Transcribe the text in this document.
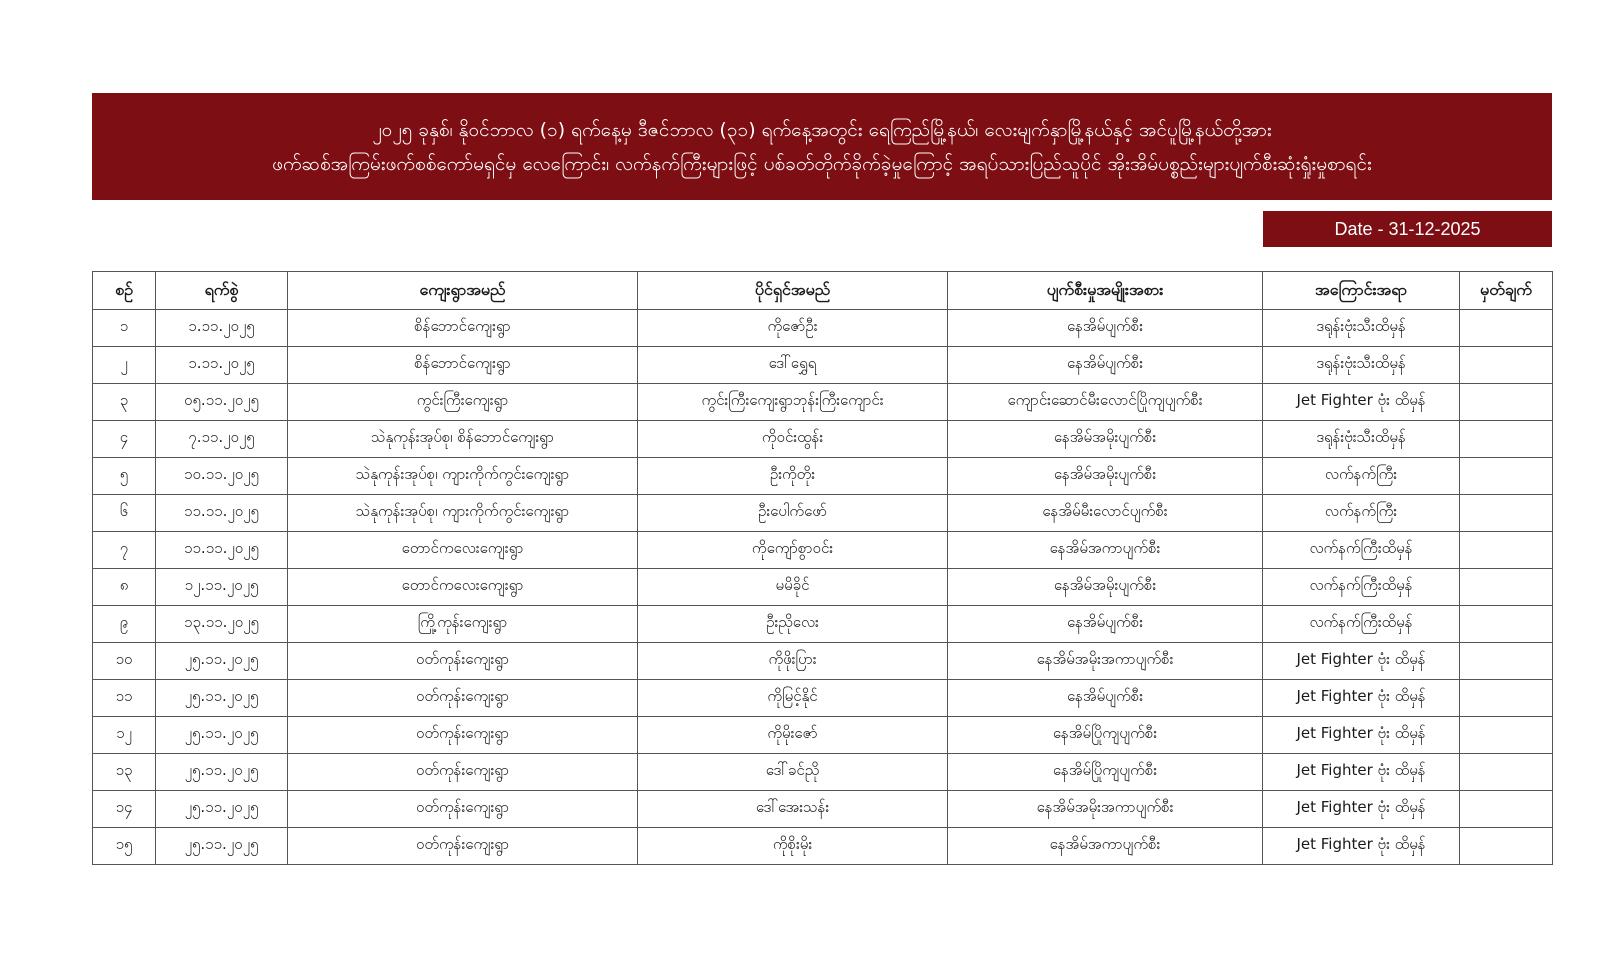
၂၀၂၅ ခုနှစ်၊ နိုဝင်ဘာလ (၁) ရက်နေ့မှ ဒီဇင်ဘာလ (၃၁) ရက်နေ့အတွင်း ရေကြည်မြို့နယ်၊ လေးမျက်နှာမြို့နယ်နှင့် အင်ပူမြို့နယ်တို့အား
ဖက်ဆစ်အကြမ်းဖက်စစ်ကော်မရှင်မှ လေကြောင်း၊ လက်နက်ကြီးများဖြင့် ပစ်ခတ်တိုက်ခိုက်ခဲ့မှုကြောင့် အရပ်သားပြည်သူပိုင် အိုးအိမ်ပစ္စည်းများပျက်စီးဆုံးရှုံးမှုစာရင်း
Date - 31-12-2025
စဉ်	ရက်စွဲ	ကျေးရွာအမည်	ပိုင်ရှင်အမည်	ပျက်စီးမှုအမျိုးအစား	အကြောင်းအရာ	မှတ်ချက်
၁	၁.၁၁.၂၀၂၅	စိန်ဘောင်ကျေးရွာ	ကိုဇော်ဦး	နေအိမ်ပျက်စီး	ဒရုန်းဗုံးသီးထိမှန်	
၂	၁.၁၁.၂၀၂၅	စိန်ဘောင်ကျေးရွာ	ဒေါ်ရွှေရ	နေအိမ်ပျက်စီး	ဒရုန်းဗုံးသီးထိမှန်	
၃	၀၅.၁၁.၂၀၂၅	ကွင်းကြီးကျေးရွာ	ကွင်းကြီးကျေးရွာဘုန်းကြီးကျောင်း	ကျောင်းဆောင်မီးလောင်ပြိုကျပျက်စီး	Jet Fighter ဗုံး ထိမှန်	
၄	၇.၁၁.၂၀၂၅	သဲနုကုန်းအုပ်စု၊ စိန်ဘောင်ကျေးရွာ	ကိုဝင်းထွန်း	နေအိမ်အမိုးပျက်စီး	ဒရုန်းဗုံးသီးထိမှန်	
၅	၁၀.၁၁.၂၀၂၅	သဲနုကုန်းအုပ်စု၊ ကျားကိုက်ကွင်းကျေးရွာ	ဦးကိုတိုး	နေအိမ်အမိုးပျက်စီး	လက်နက်ကြီး	
၆	၁၁.၁၁.၂၀၂၅	သဲနုကုန်းအုပ်စု၊ ကျားကိုက်ကွင်းကျေးရွာ	ဦးပေါက်ဖော်	နေအိမ်မီးလောင်ပျက်စီး	လက်နက်ကြီး	
၇	၁၁.၁၁.၂၀၂၅	တောင်ကလေးကျေးရွာ	ကိုကျော်စွာဝင်း	နေအိမ်အကာပျက်စီး	လက်နက်ကြီးထိမှန်	
၈	၁၂.၁၁.၂၀၂၅	တောင်ကလေးကျေးရွာ	မမိခိုင်	နေအိမ်အမိုးပျက်စီး	လက်နက်ကြီးထိမှန်	
၉	၁၃.၁၁.၂၀၂၅	ကြို့ကုန်းကျေးရွာ	ဦးညိုလေး	နေအိမ်ပျက်စီး	လက်နက်ကြီးထိမှန်	
၁၀	၂၅.၁၁.၂၀၂၅	ဝတ်ကုန်းကျေးရွာ	ကိုဖိုးပြား	နေအိမ်အမိုးအကာပျက်စီး	Jet Fighter ဗုံး ထိမှန်	
၁၁	၂၅.၁၁.၂၀၂၅	ဝတ်ကုန်းကျေးရွာ	ကိုမြင့်နိုင်	နေအိမ်ပျက်စီး	Jet Fighter ဗုံး ထိမှန်	
၁၂	၂၅.၁၁.၂၀၂၅	ဝတ်ကုန်းကျေးရွာ	ကိုမိုးဇော်	နေအိမ်ပြိုကျပျက်စီး	Jet Fighter ဗုံး ထိမှန်	
၁၃	၂၅.၁၁.၂၀၂၅	ဝတ်ကုန်းကျေးရွာ	ဒေါ်ခင်ညို	နေအိမ်ပြိုကျပျက်စီး	Jet Fighter ဗုံး ထိမှန်	
၁၄	၂၅.၁၁.၂၀၂၅	ဝတ်ကုန်းကျေးရွာ	ဒေါ်အေးသန်း	နေအိမ်အမိုးအကာပျက်စီး	Jet Fighter ဗုံး ထိမှန်	
၁၅	၂၅.၁၁.၂၀၂၅	ဝတ်ကုန်းကျေးရွာ	ကိုစိုးမိုး	နေအိမ်အကာပျက်စီး	Jet Fighter ဗုံး ထိမှန်	
